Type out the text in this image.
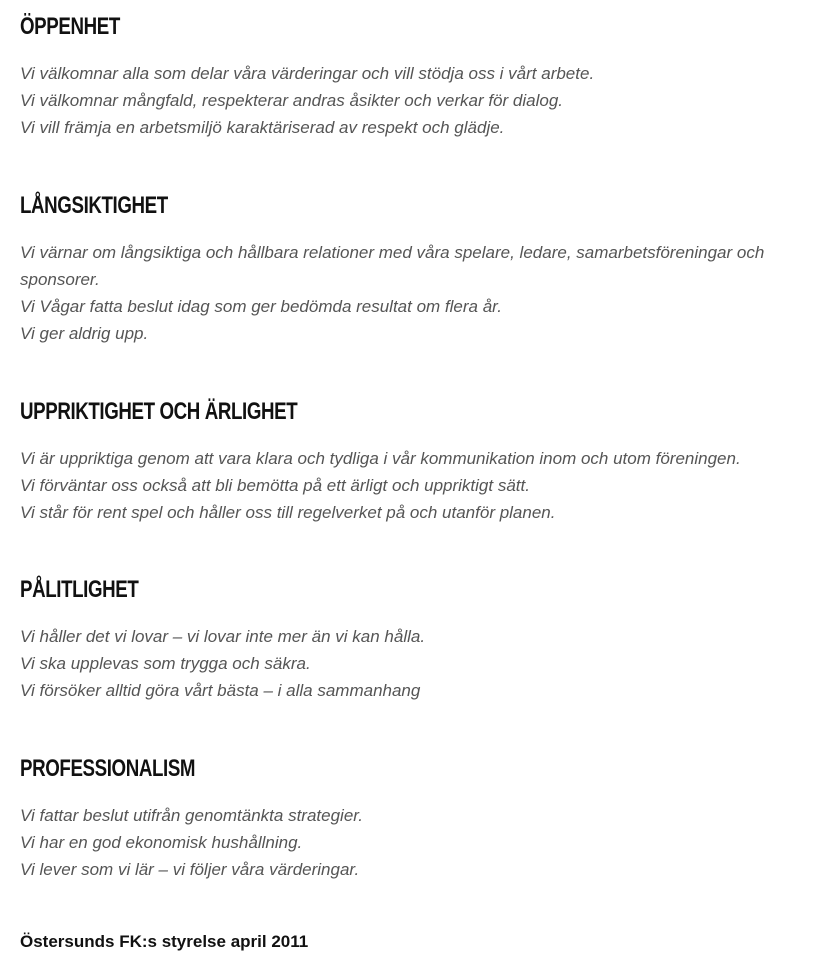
ÖPPENHET

Vi välkomnar alla som delar våra värderingar och vill stödja oss i vårt arbete.
Vi välkomnar mångfald, respekterar andras åsikter och verkar för dialog.
Vi vill främja en arbetsmiljö karaktäriserad av respekt och glädje.

LÅNGSIKTIGHET

Vi värnar om långsiktiga och hållbara relationer med våra spelare, ledare, samarbetsföreningar och sponsorer.
Vi Vågar fatta beslut idag som ger bedömda resultat om flera år.
Vi ger aldrig upp.

UPPRIKTIGHET OCH ÄRLIGHET

Vi är uppriktiga genom att vara klara och tydliga i vår kommunikation inom och utom föreningen.
Vi förväntar oss också att bli bemötta på ett ärligt och uppriktigt sätt.
Vi står för rent spel och håller oss till regelverket på och utanför planen.

PÅLITLIGHET

Vi håller det vi lovar – vi lovar inte mer än vi kan hålla.
Vi ska upplevas som trygga och säkra.
Vi försöker alltid göra vårt bästa – i alla sammanhang

PROFESSIONALISM

Vi fattar beslut utifrån genomtänkta strategier.
Vi har en god ekonomisk hushållning.
Vi lever som vi lär – vi följer våra värderingar.

Östersunds FK:s styrelse april 2011
